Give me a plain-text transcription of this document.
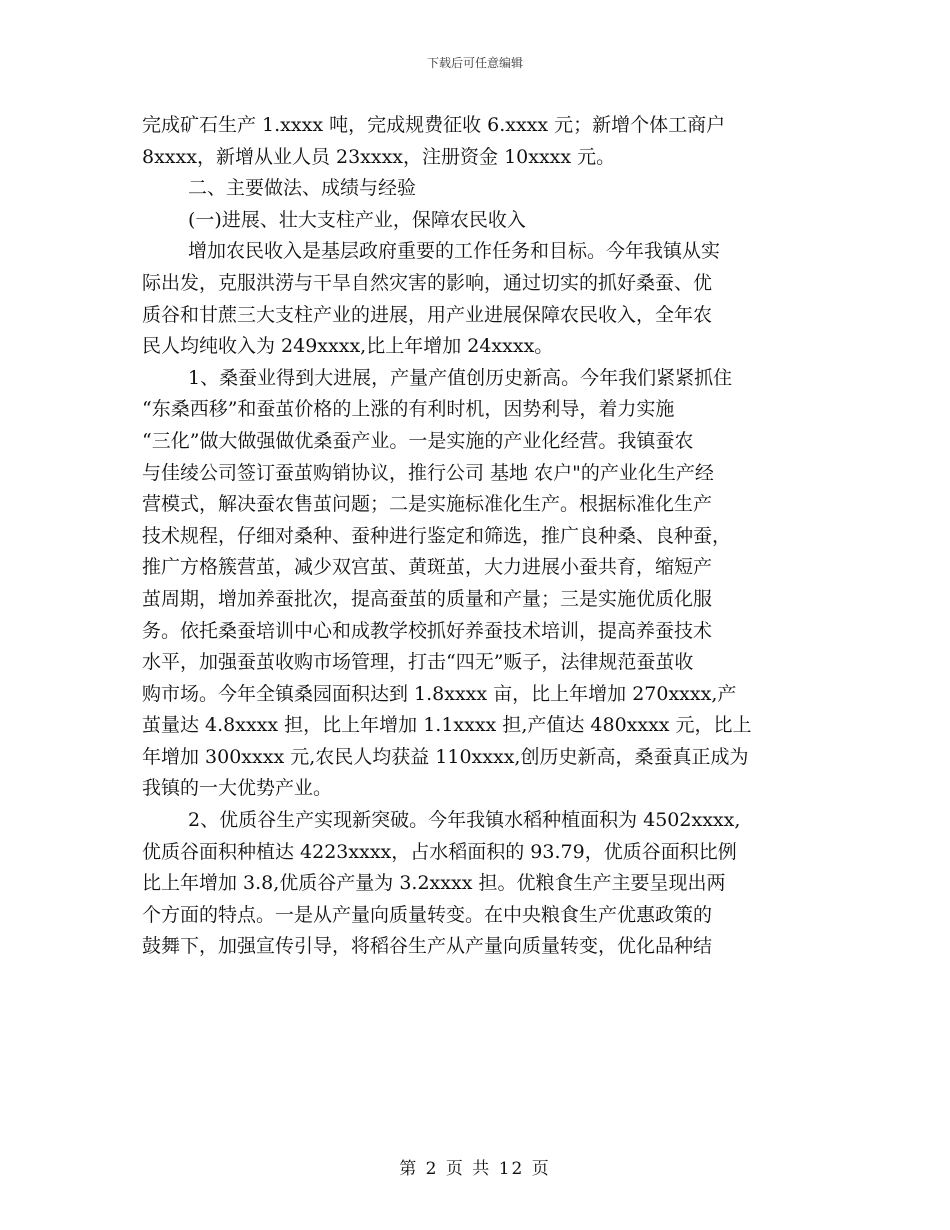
下载后可任意编辑
完成矿石生产 1.xxxx 吨，完成规费征收 6.xxxx 元；新增个体工商户
8xxxx，新增从业人员 23xxxx，注册资金 10xxxx 元。
二、主要做法、成绩与经验
(一)进展、壮大支柱产业，保障农民收入
增加农民收入是基层政府重要的工作任务和目标。今年我镇从实
际出发，克服洪涝与干旱自然灾害的影响，通过切实的抓好桑蚕、优
质谷和甘蔗三大支柱产业的进展，用产业进展保障农民收入，全年农
民人均纯收入为 249xxxx,比上年增加 24xxxx。
1、桑蚕业得到大进展，产量产值创历史新高。今年我们紧紧抓住
“东桑西移”和蚕茧价格的上涨的有利时机，因势利导，着力实施
“三化”做大做强做优桑蚕产业。一是实施的产业化经营。我镇蚕农
与佳绫公司签订蚕茧购销协议，推行公司 基地 农户"的产业化生产经
营模式，解决蚕农售茧问题；二是实施标准化生产。根据标准化生产
技术规程，仔细对桑种、蚕种进行鉴定和筛选，推广良种桑、良种蚕，
推广方格簇营茧，减少双宫茧、黄斑茧，大力进展小蚕共育，缩短产
茧周期，增加养蚕批次，提高蚕茧的质量和产量；三是实施优质化服
务。依托桑蚕培训中心和成教学校抓好养蚕技术培训，提高养蚕技术
水平，加强蚕茧收购市场管理，打击“四无”贩子，法律规范蚕茧收
购市场。今年全镇桑园面积达到 1.8xxxx 亩，比上年增加 270xxxx,产
茧量达 4.8xxxx 担，比上年增加 1.1xxxx 担,产值达 480xxxx 元，比上
年增加 300xxxx 元,农民人均获益 110xxxx,创历史新高，桑蚕真正成为
我镇的一大优势产业。
2、优质谷生产实现新突破。今年我镇水稻种植面积为 4502xxxx,
优质谷面积种植达 4223xxxx，占水稻面积的 93.79，优质谷面积比例
比上年增加 3.8,优质谷产量为 3.2xxxx 担。优粮食生产主要呈现出两
个方面的特点。一是从产量向质量转变。在中央粮食生产优惠政策的
鼓舞下，加强宣传引导，将稻谷生产从产量向质量转变，优化品种结
第 2 页 共 12 页
